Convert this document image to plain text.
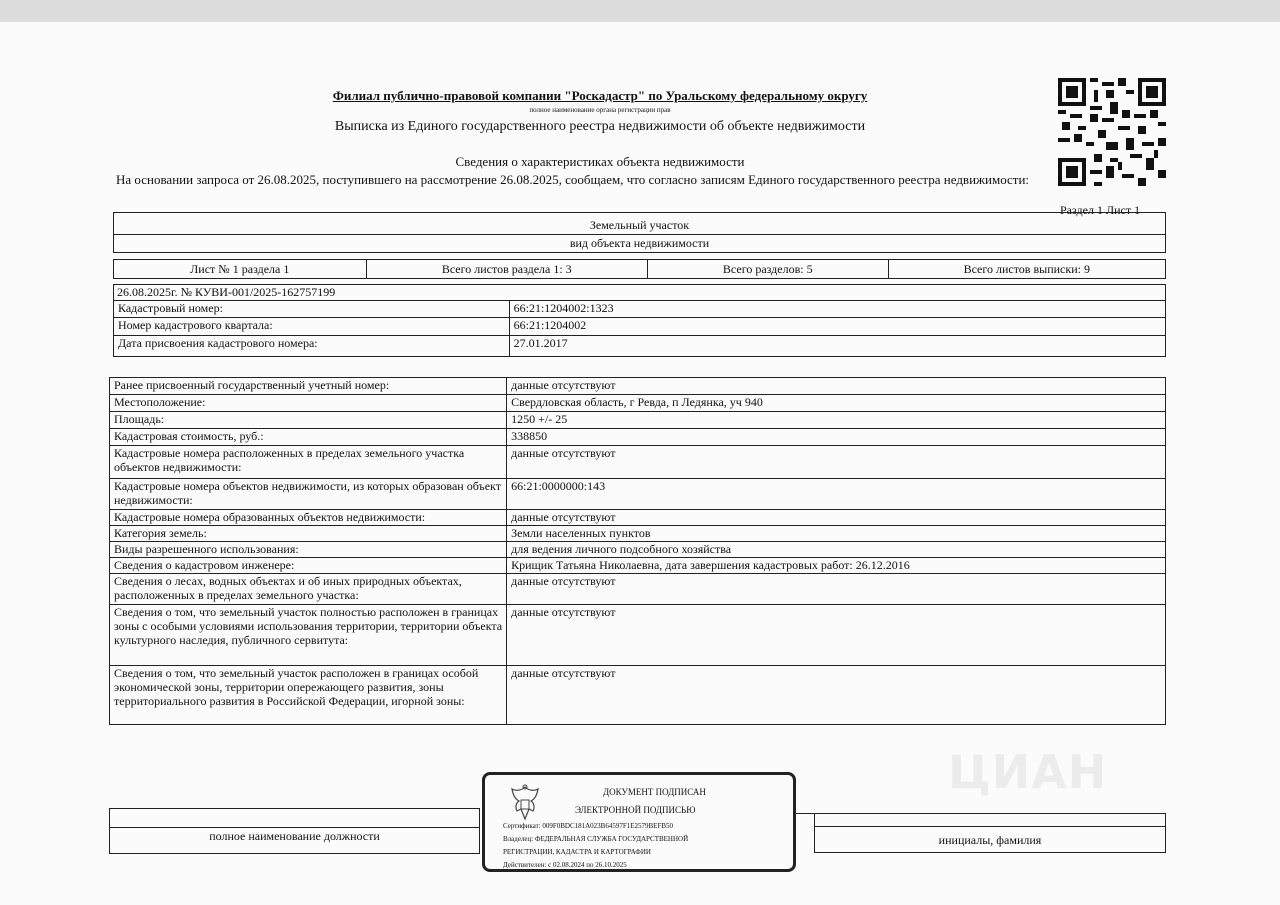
Филиал публично-правовой компании "Роскадастр" по Уральскому федеральному округу
полное наименование органа регистрации прав
Выписка из Единого государственного реестра недвижимости об объекте недвижимости
Сведения о характеристиках объекта недвижимости
На основании запроса от 26.08.2025, поступившего на рассмотрение 26.08.2025, сообщаем, что согласно записям Единого государственного реестра недвижимости:
Раздел 1 Лист 1
Земельный участок
вид объекта недвижимости
Лист № 1 раздела 1	Всего листов раздела 1: 3	Всего разделов: 5	Всего листов выписки: 9
26.08.2025г. № КУВИ-001/2025-162757199
Кадастровый номер:	66:21:1204002:1323
Номер кадастрового квартала:	66:21:1204002
Дата присвоения кадастрового номера:	27.01.2017
Ранее присвоенный государственный учетный номер:	данные отсутствуют
Местоположение:	Свердловская область, г Ревда, п Ледянка, уч 940
Площадь:	1250 +/- 25
Кадастровая стоимость, руб.:	338850
Кадастровые номера расположенных в пределах земельного участка объектов недвижимости:	данные отсутствуют
Кадастровые номера объектов недвижимости, из которых образован объект недвижимости:	66:21:0000000:143
Кадастровые номера образованных объектов недвижимости:	данные отсутствуют
Категория земель:	Земли населенных пунктов
Виды разрешенного использования:	для ведения личного подсобного хозяйства
Сведения о кадастровом инженере:	Крищик Татьяна Николаевна, дата завершения кадастровых работ: 26.12.2016
Сведения о лесах, водных объектах и об иных природных объектах, расположенных в пределах земельного участка:	данные отсутствуют
Сведения о том, что земельный участок полностью расположен в границах зоны с особыми условиями использования территории, территории объекта культурного наследия, публичного сервитута:	данные отсутствуют
Сведения о том, что земельный участок расположен в границах особой экономической зоны, территории опережающего развития, зоны территориального развития в Российской Федерации, игорной зоны:	данные отсутствуют
ЦИАН
полное наименование должности	инициалы, фамилия
ДОКУМЕНТ ПОДПИСАН
ЭЛЕКТРОННОЙ ПОДПИСЬЮ
Сертификат: 009F0BDC181A023B64597F1E2579BEFB50
Владелец: ФЕДЕРАЛЬНАЯ СЛУЖБА ГОСУДАРСТВЕННОЙ
РЕГИСТРАЦИИ, КАДАСТРА И КАРТОГРАФИИ
Действителен: с 02.08.2024 по 26.10.2025
